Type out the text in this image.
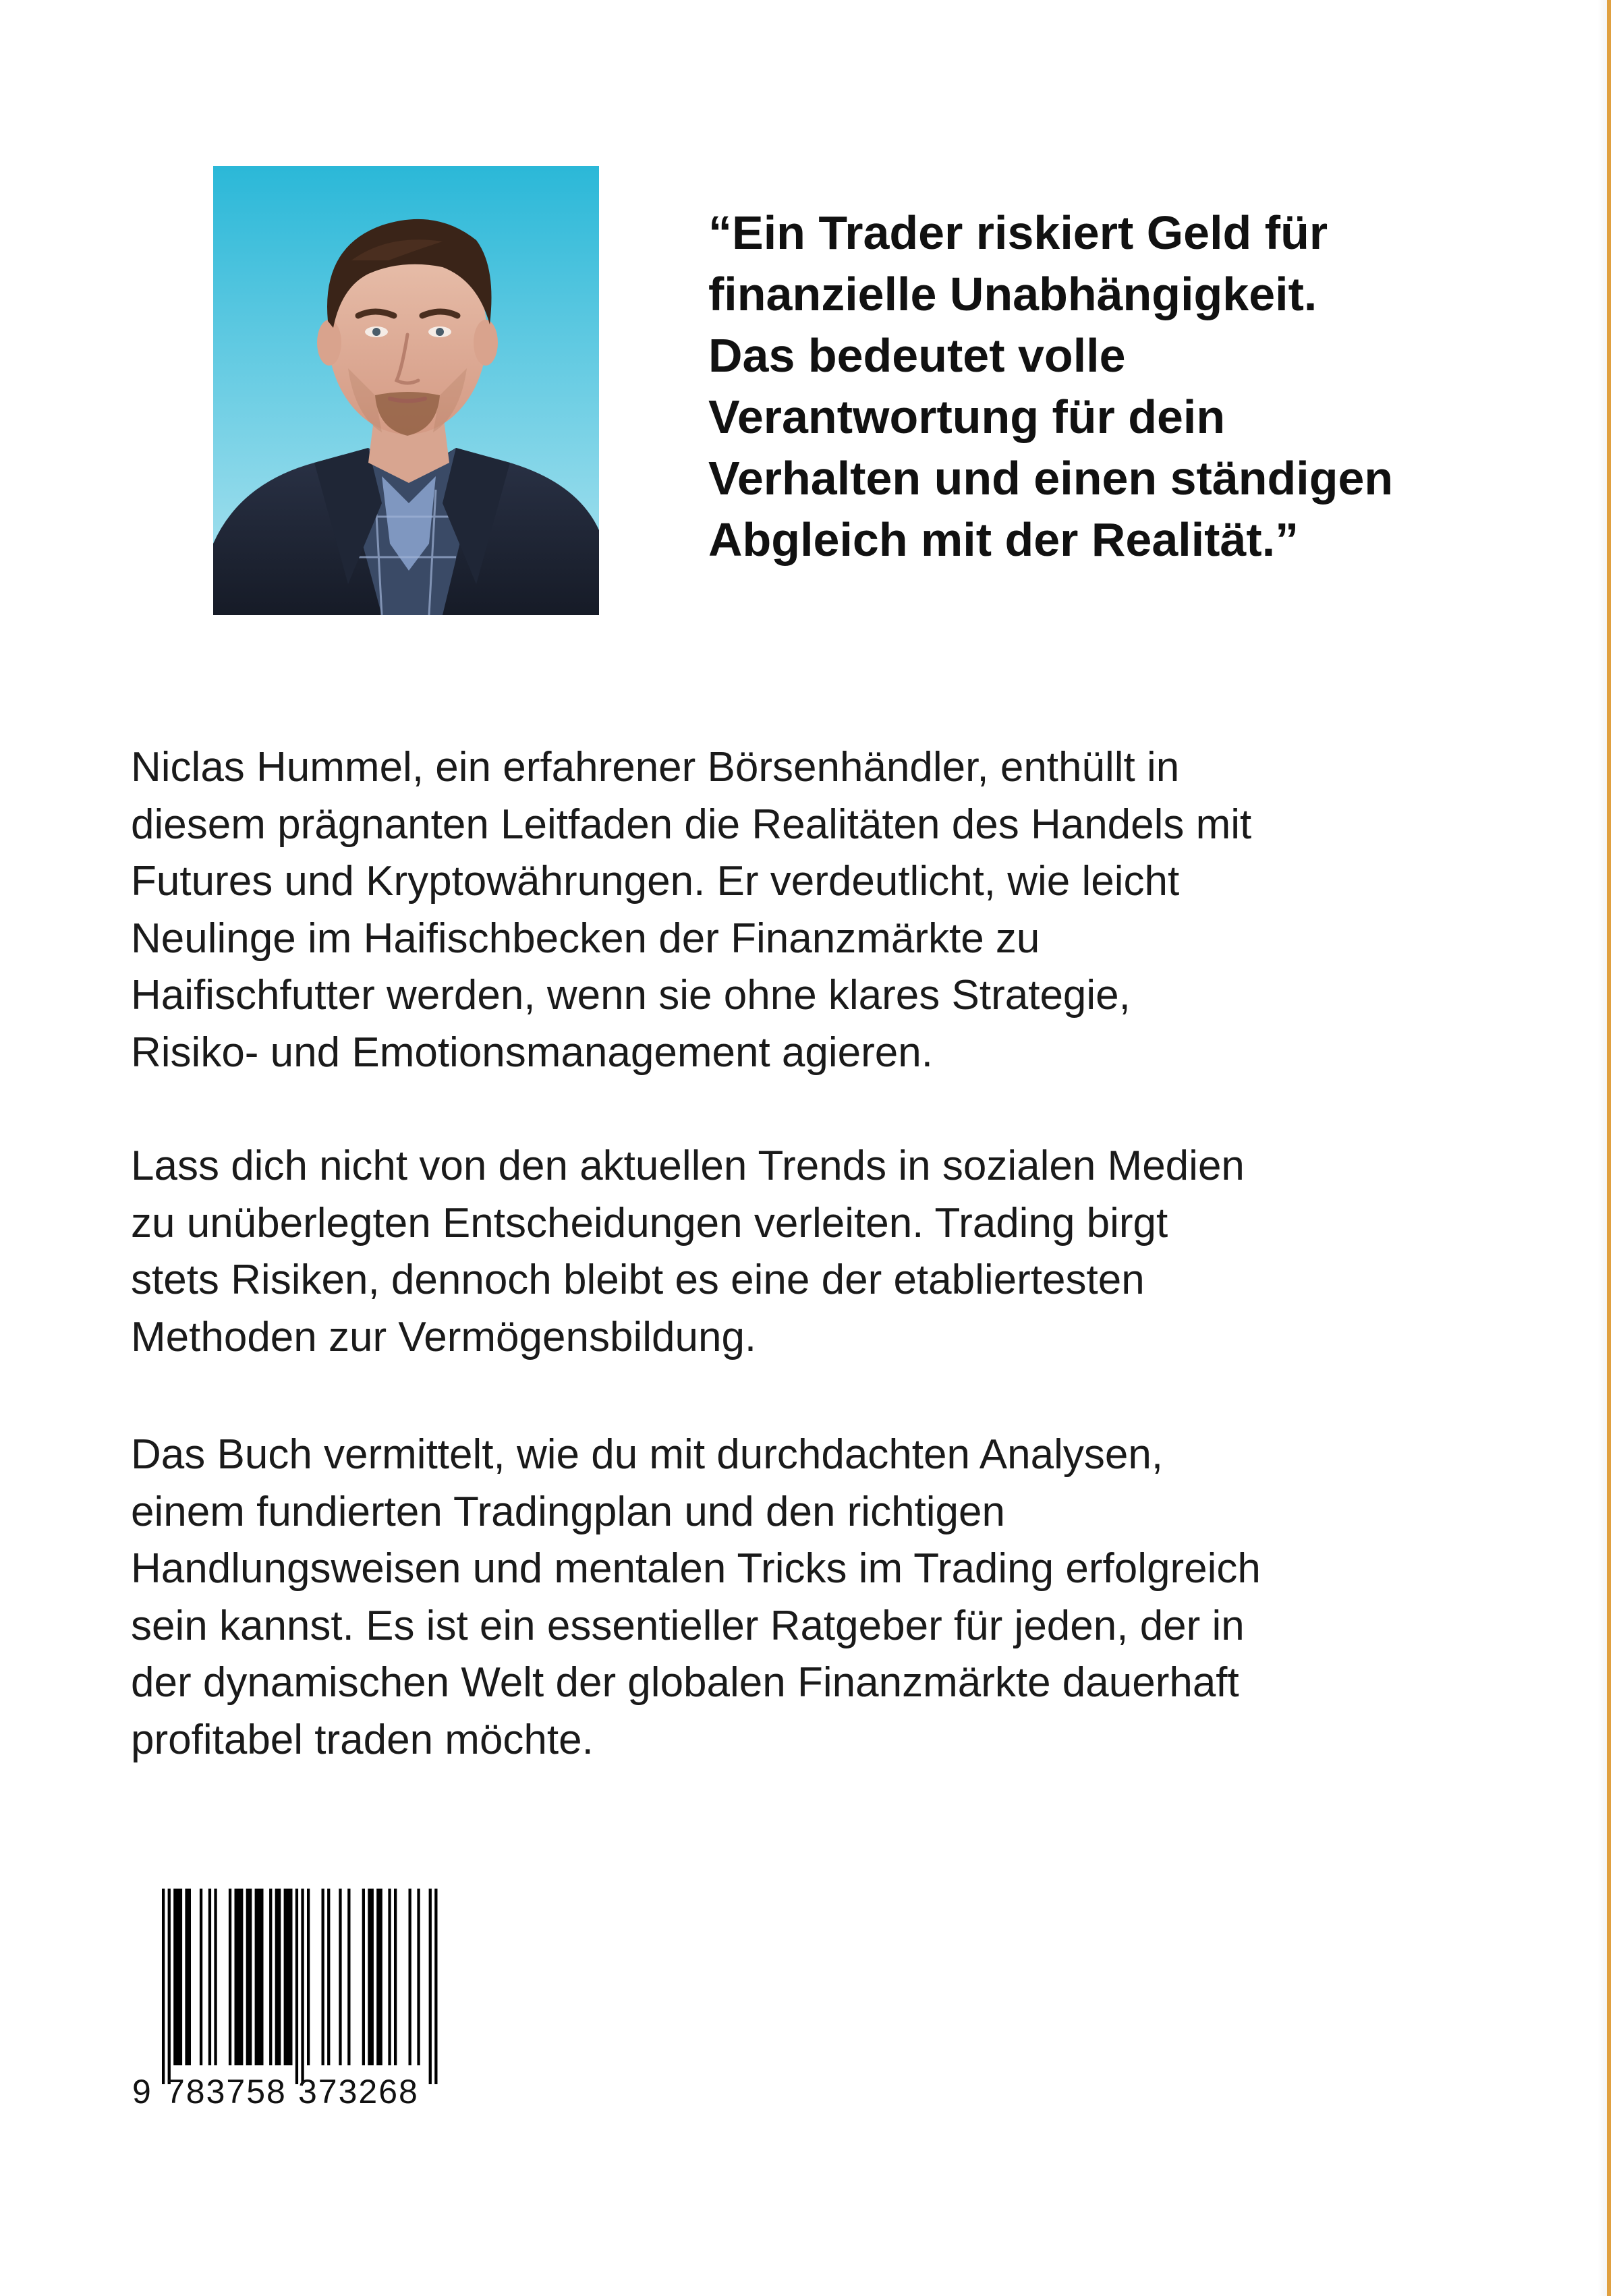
“Ein Trader riskiert Geld für
finanzielle Unabhängigkeit.
Das bedeutet volle
Verantwortung für dein
Verhalten und einen ständigen
Abgleich mit der Realität.”
Niclas Hummel, ein erfahrener Börsenhändler, enthüllt in
diesem prägnanten Leitfaden die Realitäten des Handels mit
Futures und Kryptowährungen. Er verdeutlicht, wie leicht
Neulinge im Haifischbecken der Finanzmärkte zu
Haifischfutter werden, wenn sie ohne klares Strategie,
Risiko- und Emotionsmanagement agieren.
Lass dich nicht von den aktuellen Trends in sozialen Medien
zu unüberlegten Entscheidungen verleiten. Trading birgt
stets Risiken, dennoch bleibt es eine der etabliertesten
Methoden zur Vermögensbildung.
Das Buch vermittelt, wie du mit durchdachten Analysen,
einem fundierten Tradingplan und den richtigen
Handlungsweisen und mentalen Tricks im Trading erfolgreich
sein kannst. Es ist ein essentieller Ratgeber für jeden, der in
der dynamischen Welt der globalen Finanzmärkte dauerhaft
profitabel traden möchte.
9 783758 373268
